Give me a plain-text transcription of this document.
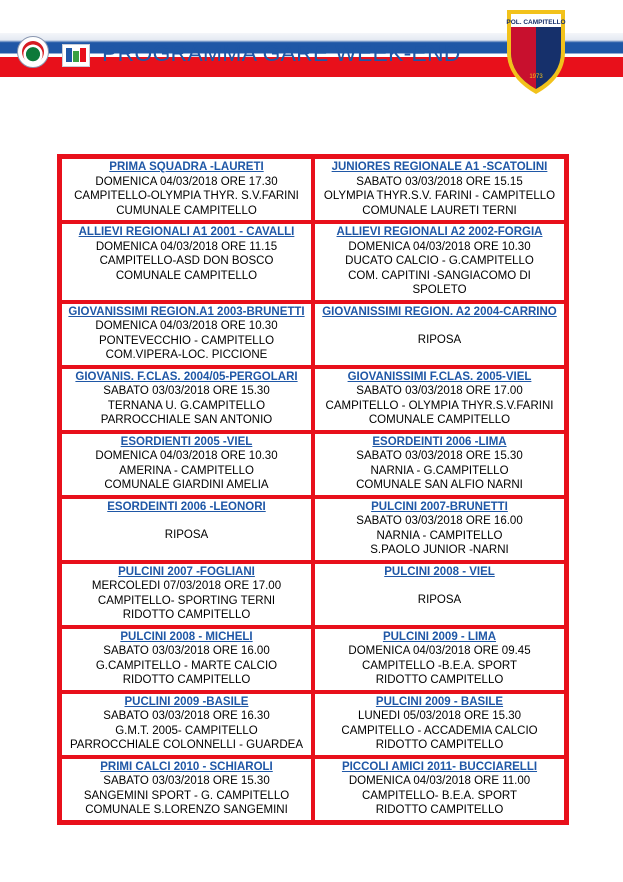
PROGRAMMA GARE WEEK-END
POL. CAMPITELLO
1973
PRIMA SQUADRA -LAURETI
DOMENICA 04/03/2018 ORE 17.30
CAMPITELLO-OLYMPIA THYR. S.V.FARINI
CUMUNALE CAMPITELLO	JUNIORES REGIONALE A1 -SCATOLINI
SABATO 03/03/2018 ORE 15.15
OLYMPIA THYR.S.V. FARINI - CAMPITELLO
COMUNALE LAURETI TERNI

ALLIEVI REGIONALI A1 2001 - CAVALLI
DOMENICA 04/03/2018 ORE 11.15
CAMPITELLO-ASD DON BOSCO
COMUNALE CAMPITELLO	ALLIEVI REGIONALI A2 2002-FORGIA
DOMENICA 04/03/2018 ORE 10.30
DUCATO CALCIO - G.CAMPITELLO
COM. CAPITINI -SANGIACOMO DI
SPOLETO

GIOVANISSIMI REGION.A1 2003-BRUNETTI
DOMENICA 04/03/2018 ORE 10.30
PONTEVECCHIO - CAMPITELLO
COM.VIPERA-LOC. PICCIONE	GIOVANISSIMI REGION. A2 2004-CARRINO
RIPOSA

GIOVANIS. F.CLAS. 2004/05-PERGOLARI
SABATO 03/03/2018 ORE 15.30
TERNANA U. G.CAMPITELLO
PARROCCHIALE SAN ANTONIO	GIOVANISSIMI F.CLAS. 2005-VIEL
SABATO 03/03/2018 ORE 17.00
CAMPITELLO - OLYMPIA THYR.S.V.FARINI
COMUNALE CAMPITELLO

ESORDIENTI 2005 -VIEL
DOMENICA 04/03/2018 ORE 10.30
AMERINA - CAMPITELLO
COMUNALE GIARDINI AMELIA	ESORDEINTI 2006 -LIMA
SABATO 03/03/2018 ORE 15.30
NARNIA - G.CAMPITELLO
COMUNALE SAN ALFIO NARNI

ESORDEINTI 2006 -LEONORI
RIPOSA	PULCINI 2007-BRUNETTI
SABATO 03/03/2018 ORE 16.00
NARNIA - CAMPITELLO
S.PAOLO JUNIOR -NARNI

PULCINI 2007 -FOGLIANI
MERCOLEDI 07/03/2018 ORE 17.00
CAMPITELLO- SPORTING TERNI
RIDOTTO CAMPITELLO	PULCINI 2008 - VIEL
RIPOSA

PULCINI 2008 - MICHELI
SABATO 03/03/2018 ORE 16.00
G.CAMPITELLO - MARTE CALCIO
RIDOTTO CAMPITELLO	PULCINI 2009 - LIMA
DOMENICA 04/03/2018 ORE 09.45
CAMPITELLO -B.E.A. SPORT
RIDOTTO CAMPITELLO

PUCLINI 2009 -BASILE
SABATO 03/03/2018 ORE 16.30
G.M.T. 2005- CAMPITELLO
PARROCCHIALE COLONNELLI - GUARDEA	PULCINI 2009 - BASILE
LUNEDI 05/03/2018 ORE 15.30
CAMPITELLO - ACCADEMIA CALCIO
RIDOTTO CAMPITELLO

PRIMI CALCI 2010 - SCHIAROLI
SABATO 03/03/2018 ORE 15.30
SANGEMINI SPORT - G. CAMPITELLO
COMUNALE S.LORENZO SANGEMINI	PICCOLI AMICI 2011- BUCCIARELLI
DOMENICA 04/03/2018 ORE 11.00
CAMPITELLO- B.E.A. SPORT
RIDOTTO CAMPITELLO
